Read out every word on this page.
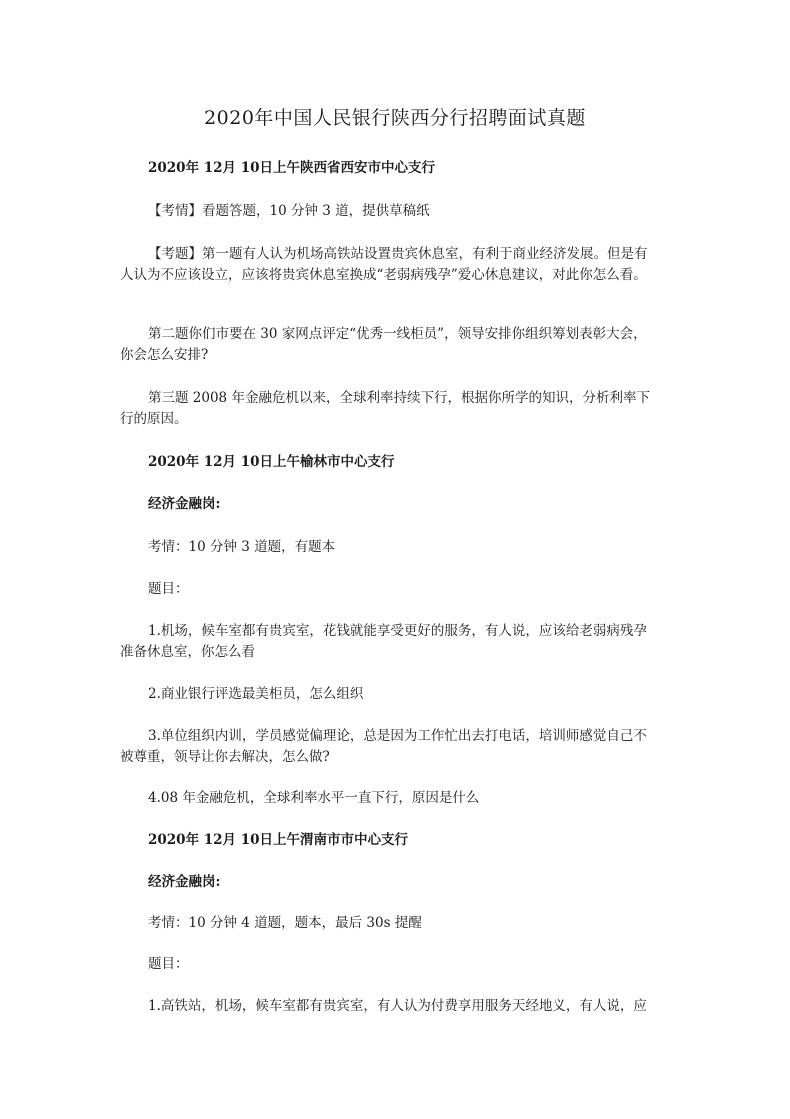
2020年中国人民银行陕西分行招聘面试真题
2020年 12月 10日上午陕西省西安市中心支行
【考情】看题答题，10 分钟 3 道，提供草稿纸
【考题】第一题有人认为机场高铁站设置贵宾休息室，有利于商业经济发展。但是有
人认为不应该设立，应该将贵宾休息室换成“老弱病残孕”爱心休息建议，对此你怎么看。
第二题你们市要在 30 家网点评定“优秀一线柜员”，领导安排你组织筹划表彰大会，
你会怎么安排?
第三题 2008 年金融危机以来，全球利率持续下行，根据你所学的知识，分析利率下
行的原因。
2020年 12月 10日上午榆林市中心支行
经济金融岗:
考情：10 分钟 3 道题，有题本
题目：
1.机场，候车室都有贵宾室，花钱就能享受更好的服务，有人说，应该给老弱病残孕
准备休息室，你怎么看
2.商业银行评选最美柜员，怎么组织
3.单位组织内训，学员感觉偏理论，总是因为工作忙出去打电话，培训师感觉自己不
被尊重，领导让你去解决，怎么做?
4.08 年金融危机，全球利率水平一直下行，原因是什么
2020年 12月 10日上午渭南市市中心支行
经济金融岗:
考情：10 分钟 4 道题，题本，最后 30s 提醒
题目：
1.高铁站，机场，候车室都有贵宾室，有人认为付费享用服务天经地义，有人说，应
